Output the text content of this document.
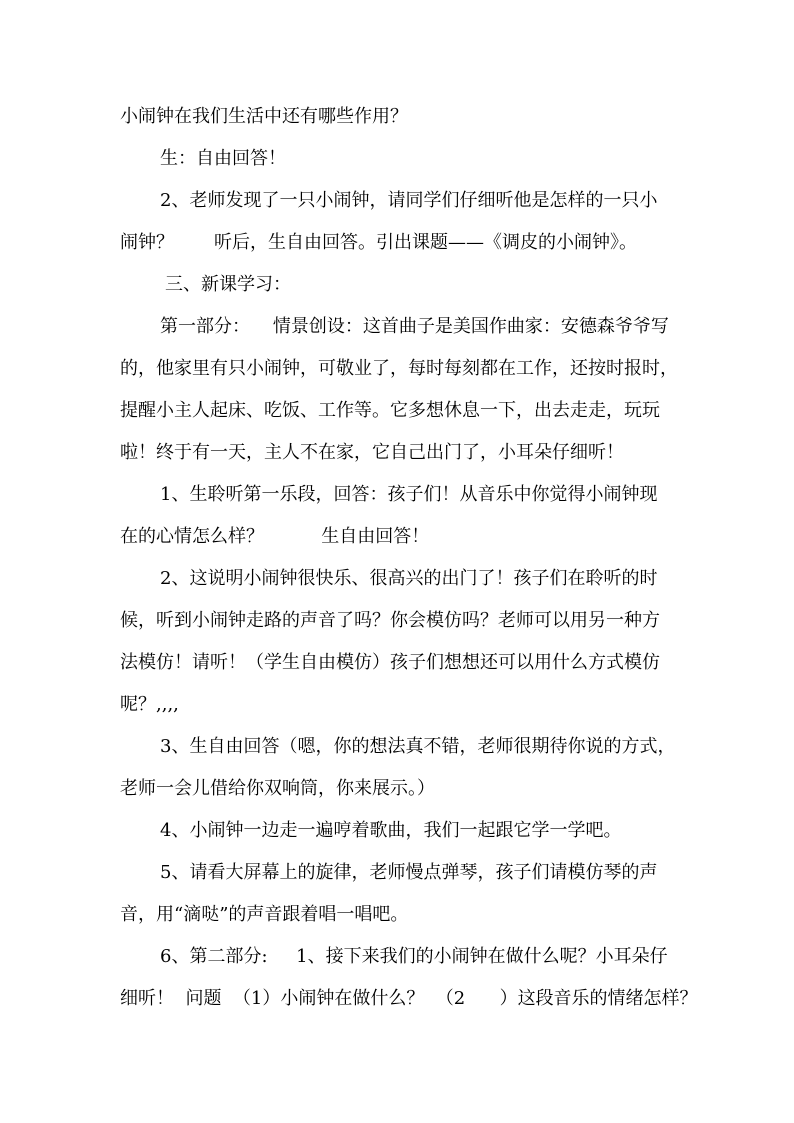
小闹钟在我们生活中还有哪些作用？
生：自由回答！
2、老师发现了一只小闹钟，请同学们仔细听他是怎样的一只小
闹钟？       听后，生自由回答。引出课题——《调皮的小闹钟》。
三、新课学习：
第一部分：    情景创设：这首曲子是美国作曲家：安德森爷爷写
的，他家里有只小闹钟，可敬业了，每时每刻都在工作，还按时报时，
提醒小主人起床、吃饭、工作等。它多想休息一下，出去走走，玩玩
啦！终于有一天，主人不在家，它自己出门了，小耳朵仔细听！
1、生聆听第一乐段，回答：孩子们！从音乐中你觉得小闹钟现
在的心情怎么样？          生自由回答！
2、这说明小闹钟很快乐、很高兴的出门了！孩子们在聆听的时
候，听到小闹钟走路的声音了吗？你会模仿吗？老师可以用另一种方
法模仿！请听！（学生自由模仿）孩子们想想还可以用什么方式模仿
呢？,,,,
3、生自由回答（嗯，你的想法真不错，老师很期待你说的方式，
老师一会儿借给你双响筒，你来展示。）
4、小闹钟一边走一遍哼着歌曲，我们一起跟它学一学吧。
5、请看大屏幕上的旋律，老师慢点弹琴，孩子们请模仿琴的声
音，用“滴哒”的声音跟着唱一唱吧。
6、第二部分:     1、接下来我们的小闹钟在做什么呢？小耳朵仔
细听！  问题  （1）小闹钟在做什么？  （2      ）这段音乐的情绪怎样？
